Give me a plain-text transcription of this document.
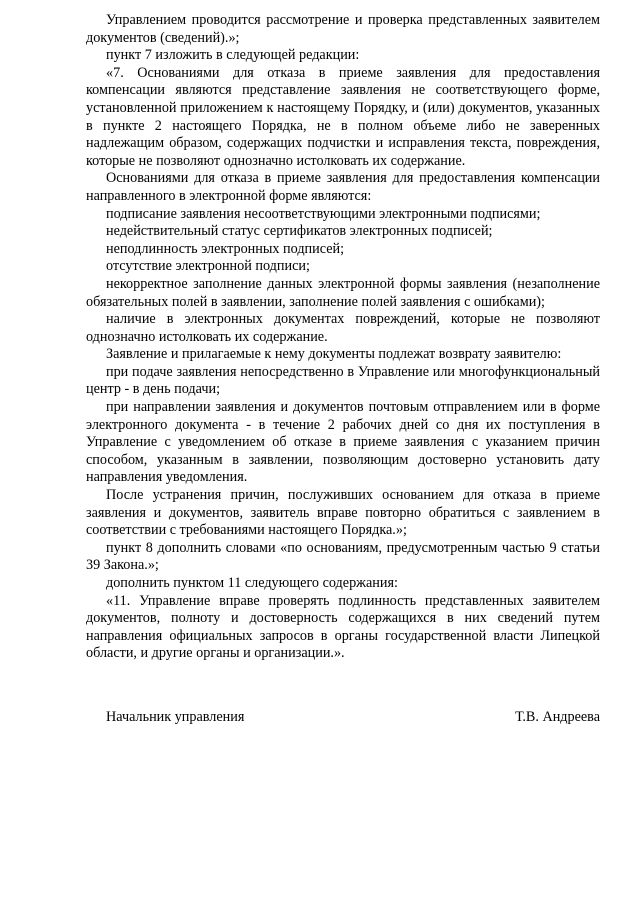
Управлением проводится рассмотрение и проверка представленных заявителем документов (сведений).»;

пункт 7 изложить в следующей редакции:

«7. Основаниями для отказа в приеме заявления для предоставления компенсации являются представление заявления не соответствующего форме, установленной приложением к настоящему Порядку, и (или) документов, указанных в пункте 2 настоящего Порядка, не в полном объеме либо не заверенных надлежащим образом, содержащих подчистки и исправления текста, повреждения, которые не позволяют однозначно истолковать их содержание.

Основаниями для отказа в приеме заявления для предоставления компенсации направленного в электронной форме являются:

подписание заявления несоответствующими электронными подписями;

недействительный статус сертификатов электронных подписей;

неподлинность электронных подписей;

отсутствие электронной подписи;

некорректное заполнение данных электронной формы заявления (незаполнение обязательных полей в заявлении, заполнение полей заявления с ошибками);

наличие в электронных документах повреждений, которые не позволяют однозначно истолковать их содержание.

Заявление и прилагаемые к нему документы подлежат возврату заявителю:

при подаче заявления непосредственно в Управление или многофункциональный центр - в день подачи;

при направлении заявления и документов почтовым отправлением или в форме электронного документа - в течение 2 рабочих дней со дня их поступления в Управление с уведомлением об отказе в приеме заявления с указанием причин способом, указанным в заявлении, позволяющим достоверно установить дату направления уведомления.

После устранения причин, послуживших основанием для отказа в приеме заявления и документов, заявитель вправе повторно обратиться с заявлением в соответствии с требованиями настоящего Порядка.»;

пункт 8 дополнить словами «по основаниям, предусмотренным частью 9 статьи 39 Закона.»;

дополнить пунктом 11 следующего содержания:

«11. Управление вправе проверять подлинность представленных заявителем документов, полноту и достоверность содержащихся в них сведений путем направления официальных запросов в органы государственной власти Липецкой области, и другие органы и организации.».

Начальник управления	Т.В. Андреева
